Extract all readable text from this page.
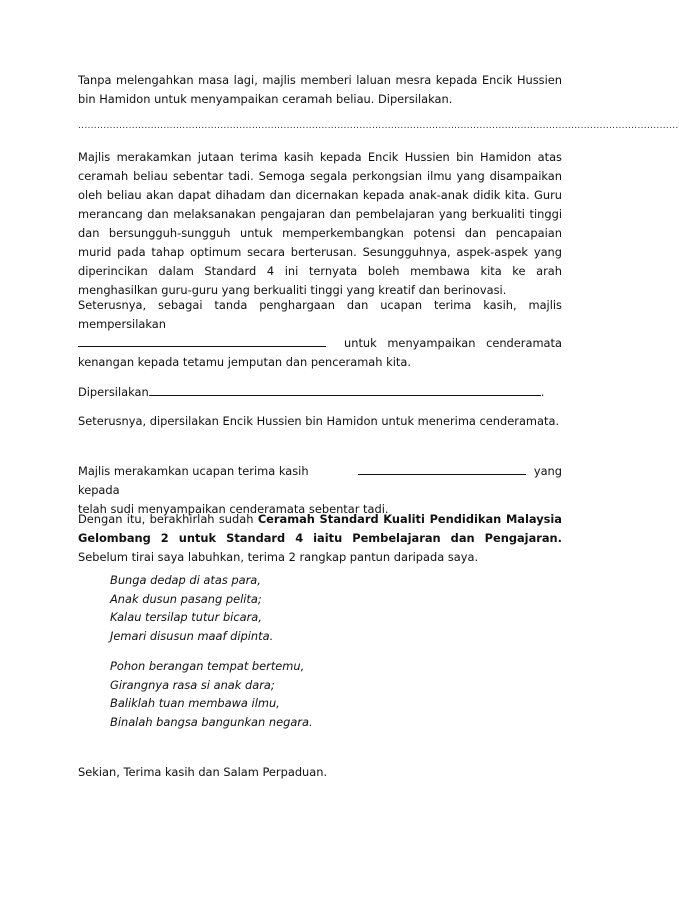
Tanpa melengahkan masa lagi, majlis memberi laluan mesra kepada Encik Hussien bin Hamidon untuk menyampaikan ceramah beliau. Dipersilakan.

..............................................................................................................................................................................................

Majlis merakamkan jutaan terima kasih kepada Encik Hussien bin Hamidon atas ceramah beliau sebentar tadi. Semoga segala perkongsian ilmu yang disampaikan oleh beliau akan dapat dihadam dan dicernakan kepada anak-anak didik kita. Guru merancang dan melaksanakan pengajaran dan pembelajaran yang berkualiti tinggi dan bersungguh-sungguh untuk memperkembangkan potensi dan pencapaian murid pada tahap optimum secara berterusan. Sesungguhnya, aspek-aspek yang diperincikan dalam Standard 4 ini ternyata boleh membawa kita ke arah menghasilkan guru-guru yang berkualiti tinggi yang kreatif dan berinovasi.

Seterusnya, sebagai tanda penghargaan dan ucapan terima kasih, majlis mempersilakan
untuk menyampaikan cenderamata
kenangan kepada tetamu jemputan dan penceramah kita.
Dipersilakan	.

Seterusnya, dipersilakan Encik Hussien bin Hamidon untuk menerima cenderamata.

Majlis merakamkan ucapan terima kasih kepada
yang
telah sudi menyampaikan cenderamata sebentar tadi.

Dengan itu, berakhirlah sudah Ceramah Standard Kualiti Pendidikan Malaysia Gelombang 2 untuk Standard 4 iaitu Pembelajaran dan Pengajaran. Sebelum tirai saya labuhkan, terima 2 rangkap pantun daripada saya.

Bunga dedap di atas para,
Anak dusun pasang pelita;
Kalau tersilap tutur bicara,
Jemari disusun maaf dipinta.
Pohon berangan tempat bertemu,
Girangnya rasa si anak dara;
Baliklah tuan membawa ilmu,
Binalah bangsa bangunkan negara.

Sekian, Terima kasih dan Salam Perpaduan.
